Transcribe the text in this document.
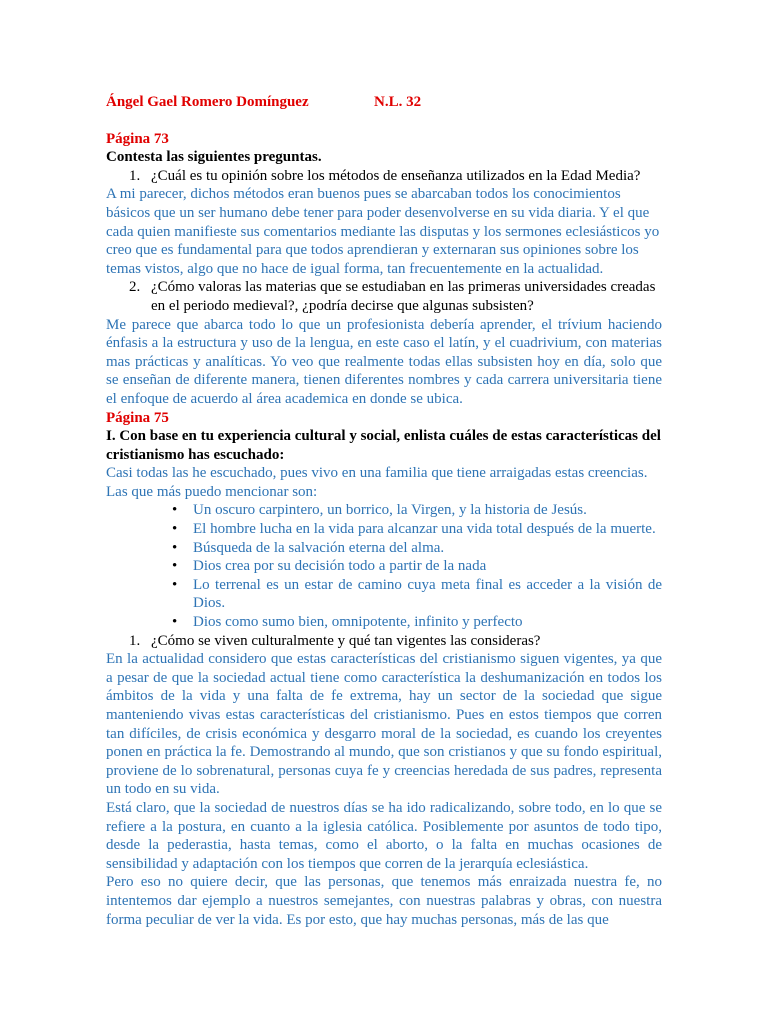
Ángel Gael Romero Domínguez	N.L. 32

Página 73

Contesta las siguientes preguntas.

1. ¿Cuál es tu opinión sobre los métodos de enseñanza utilizados en la Edad Media?

A mi parecer, dichos métodos eran buenos pues se abarcaban todos los conocimientos básicos que un ser humano debe tener para poder desenvolverse en su vida diaria. Y el que cada quien manifieste sus comentarios mediante las disputas y los sermones eclesiásticos yo creo que es fundamental para que todos aprendieran y externaran sus opiniones sobre los temas vistos, algo que no hace de igual forma, tan frecuentemente en la actualidad.

2. ¿Cómo valoras las materias que se estudiaban en las primeras universidades creadas en el periodo medieval?, ¿podría decirse que algunas subsisten?

Me parece que abarca todo lo que un profesionista debería aprender, el trívium haciendo énfasis a la estructura y uso de la lengua, en este caso el latín, y el cuadrivium, con materias mas prácticas y analíticas. Yo veo que realmente todas ellas subsisten hoy en día, solo que se enseñan de diferente manera, tienen diferentes nombres y cada carrera universitaria tiene el enfoque de acuerdo al área academica en donde se ubica.

Página 75

I. Con base en tu experiencia cultural y social, enlista cuáles de estas características del cristianismo has escuchado:

Casi todas las he escuchado, pues vivo en una familia que tiene arraigadas estas creencias. Las que más puedo mencionar son:

• Un oscuro carpintero, un borrico, la Virgen, y la historia de Jesús.
• El hombre lucha en la vida para alcanzar una vida total después de la muerte.
• Búsqueda de la salvación eterna del alma.
• Dios crea por su decisión todo a partir de la nada
• Lo terrenal es un estar de camino cuya meta final es acceder a la visión de Dios.
• Dios como sumo bien, omnipotente, infinito y perfecto
1. ¿Cómo se viven culturalmente y qué tan vigentes las consideras?

En la actualidad considero que estas características del cristianismo siguen vigentes, ya que a pesar de que la sociedad actual tiene como característica la deshumanización en todos los ámbitos de la vida y una falta de fe extrema, hay un sector de la sociedad que sigue manteniendo vivas estas características del cristianismo. Pues en estos tiempos que corren tan difíciles, de crisis económica y desgarro moral de la sociedad, es cuando los creyentes ponen en práctica la fe. Demostrando al mundo, que son cristianos y que su fondo espiritual, proviene de lo sobrenatural, personas cuya fe y creencias heredada de sus padres, representa un todo en su vida.

Está claro, que la sociedad de nuestros días se ha ido radicalizando, sobre todo, en lo que se refiere a la postura, en cuanto a la iglesia católica. Posiblemente por asuntos de todo tipo, desde la pederastia, hasta temas, como el aborto, o la falta en muchas ocasiones de sensibilidad y adaptación con los tiempos que corren de la jerarquía eclesiástica.

Pero eso no quiere decir, que las personas, que tenemos más enraizada nuestra fe, no intentemos dar ejemplo a nuestros semejantes, con nuestras palabras y obras, con nuestra forma peculiar de ver la vida. Es por esto, que hay muchas personas, más de las que
